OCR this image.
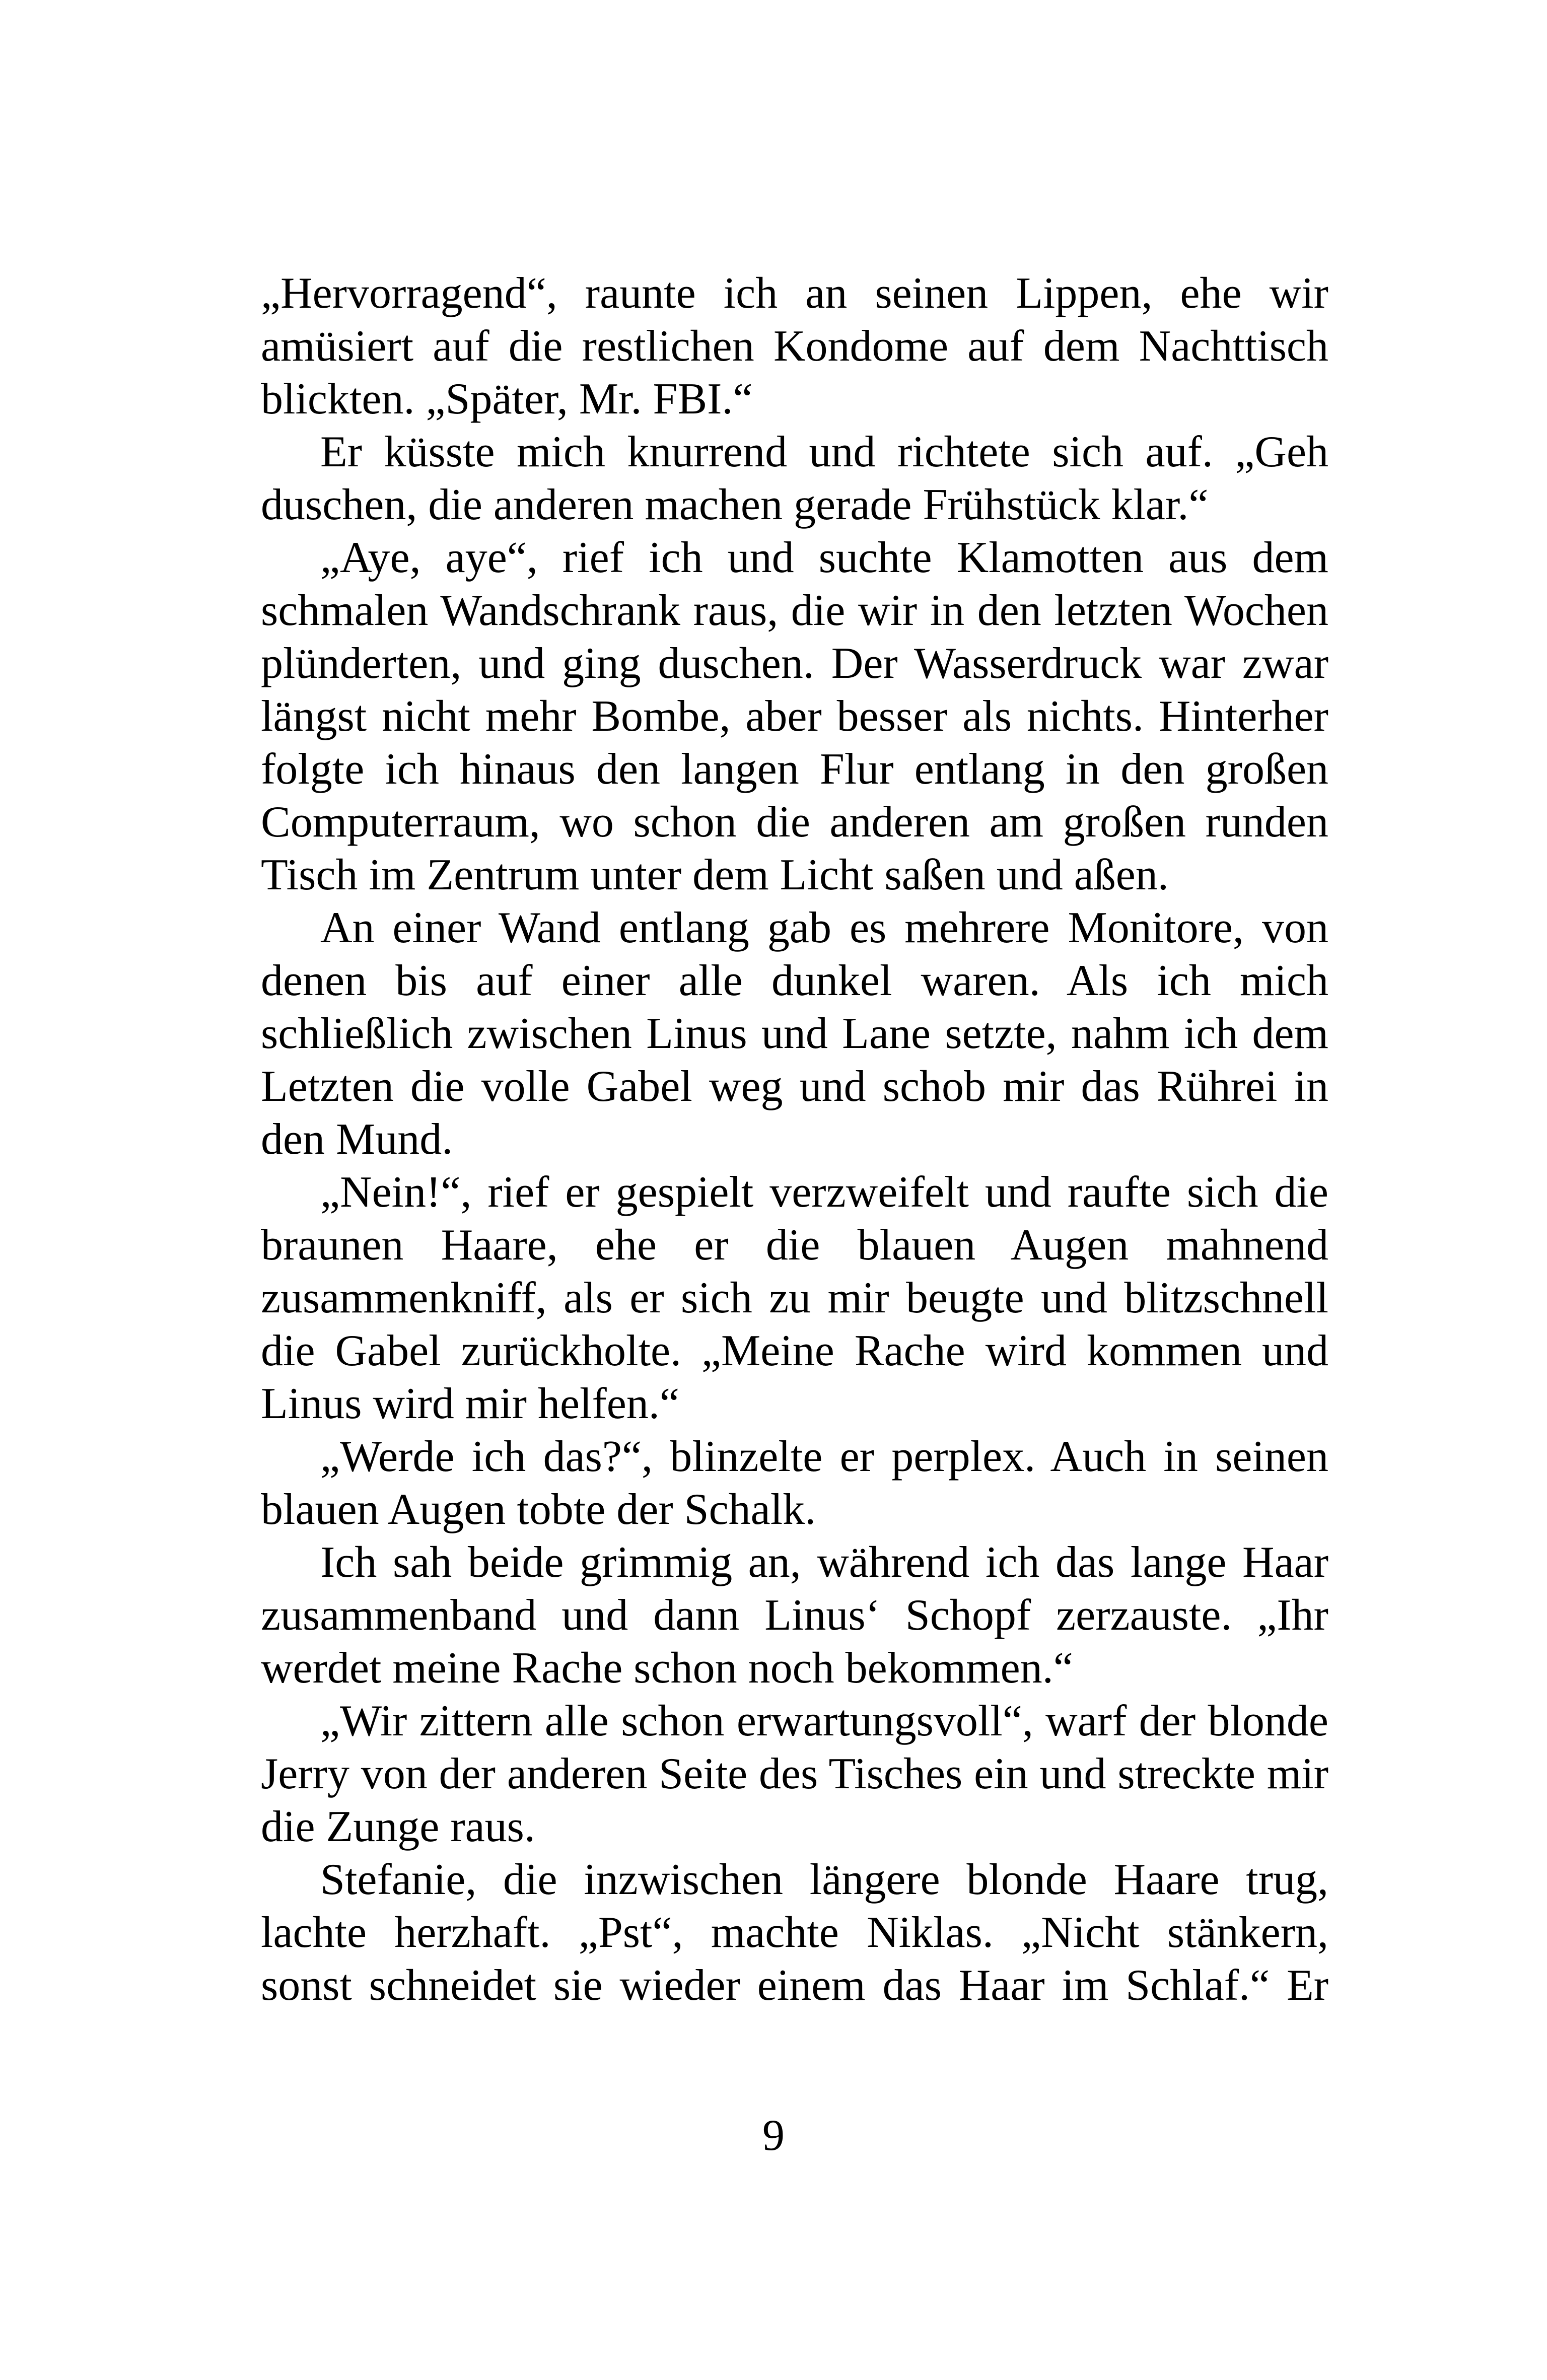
„Hervorragend“, raunte ich an seinen Lippen, ehe wir amüsiert auf die restlichen Kondome auf dem Nachttisch blickten. „Später, Mr. FBI.“

Er küsste mich knurrend und richtete sich auf. „Geh duschen, die anderen machen gerade Frühstück klar.“

„Aye, aye“, rief ich und suchte Klamotten aus dem schmalen Wandschrank raus, die wir in den letzten Wochen plünderten, und ging duschen. Der Wasserdruck war zwar längst nicht mehr Bombe, aber besser als nichts. Hinterher folgte ich hinaus den langen Flur entlang in den großen Computerraum, wo schon die anderen am großen runden Tisch im Zentrum unter dem Licht saßen und aßen.

An einer Wand entlang gab es mehrere Monitore, von denen bis auf einer alle dunkel waren. Als ich mich schließlich zwischen Linus und Lane setzte, nahm ich dem Letzten die volle Gabel weg und schob mir das Rührei in den Mund.

„Nein!“, rief er gespielt verzweifelt und raufte sich die braunen Haare, ehe er die blauen Augen mahnend zusammenkniff, als er sich zu mir beugte und blitzschnell die Gabel zurückholte. „Meine Rache wird kommen und Linus wird mir helfen.“

„Werde ich das?“, blinzelte er perplex. Auch in seinen blauen Augen tobte der Schalk.

Ich sah beide grimmig an, während ich das lange Haar zusammenband und dann Linus‘ Schopf zerzauste. „Ihr werdet meine Rache schon noch bekommen.“

„Wir zittern alle schon erwartungsvoll“, warf der blonde Jerry von der anderen Seite des Tisches ein und streckte mir die Zunge raus.

Stefanie, die inzwischen längere blonde Haare trug, lachte herzhaft. „Pst“, machte Niklas. „Nicht stänkern, sonst schneidet sie wieder einem das Haar im Schlaf.“ Er

9
